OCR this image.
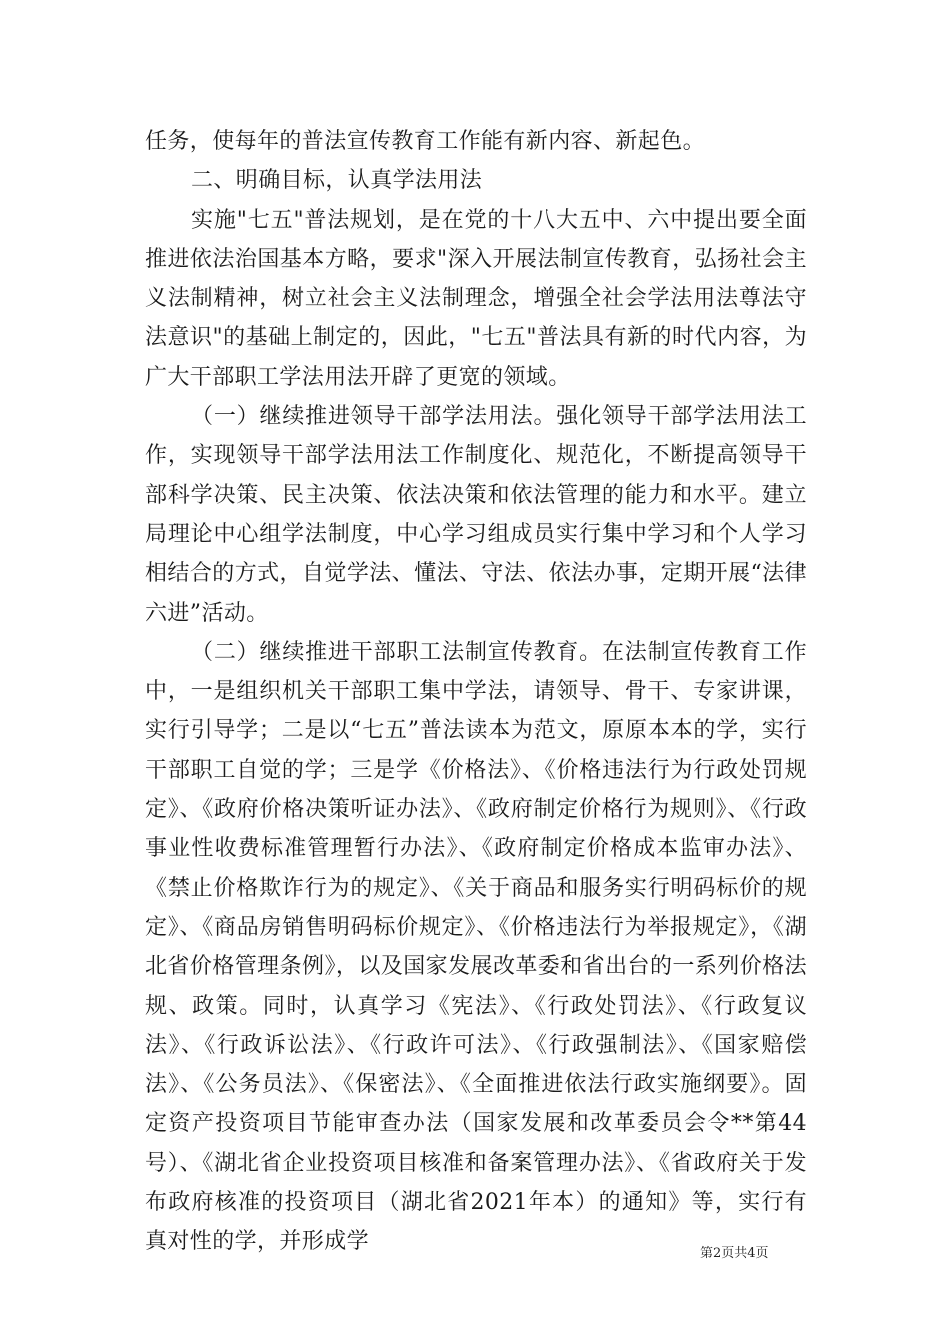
任务，使每年的普法宣传教育工作能有新内容、新起色。

二、明确目标，认真学法用法

实施"七五"普法规划，是在党的十八大五中、六中提出要全面推进依法治国基本方略，要求"深入开展法制宣传教育，弘扬社会主义法制精神，树立社会主义法制理念，增强全社会学法用法尊法守法意识"的基础上制定的，因此，"七五"普法具有新的时代内容，为广大干部职工学法用法开辟了更宽的领域。

（一）继续推进领导干部学法用法。强化领导干部学法用法工作，实现领导干部学法用法工作制度化、规范化，不断提高领导干部科学决策、民主决策、依法决策和依法管理的能力和水平。建立局理论中心组学法制度，中心学习组成员实行集中学习和个人学习相结合的方式，自觉学法、懂法、守法、依法办事，定期开展“法律六进”活动。

（二）继续推进干部职工法制宣传教育。在法制宣传教育工作中，一是组织机关干部职工集中学法，请领导、骨干、专家讲课，实行引导学；二是以“七五”普法读本为范文，原原本本的学，实行干部职工自觉的学；三是学《价格法》、《价格违法行为行政处罚规定》、《政府价格决策听证办法》、《政府制定价格行为规则》、《行政事业性收费标准管理暂行办法》、《政府制定价格成本监审办法》、《禁止价格欺诈行为的规定》、《关于商品和服务实行明码标价的规定》、《商品房销售明码标价规定》、《价格违法行为举报规定》，《湖北省价格管理条例》，以及国家发展改革委和省出台的一系列价格法规、政策。同时，认真学习《宪法》、《行政处罚法》、《行政复议法》、《行政诉讼法》、《行政许可法》、《行政强制法》、《国家赔偿法》、《公务员法》、《保密法》、《全面推进依法行政实施纲要》。固定资产投资项目节能审查办法（国家发展和改革委员会令**第44号）、《湖北省企业投资项目核准和备案管理办法》、《省政府关于发布政府核准的投资项目（湖北省2021年本）的通知》等，实行有真对性的学，并形成学	第2页共4页
